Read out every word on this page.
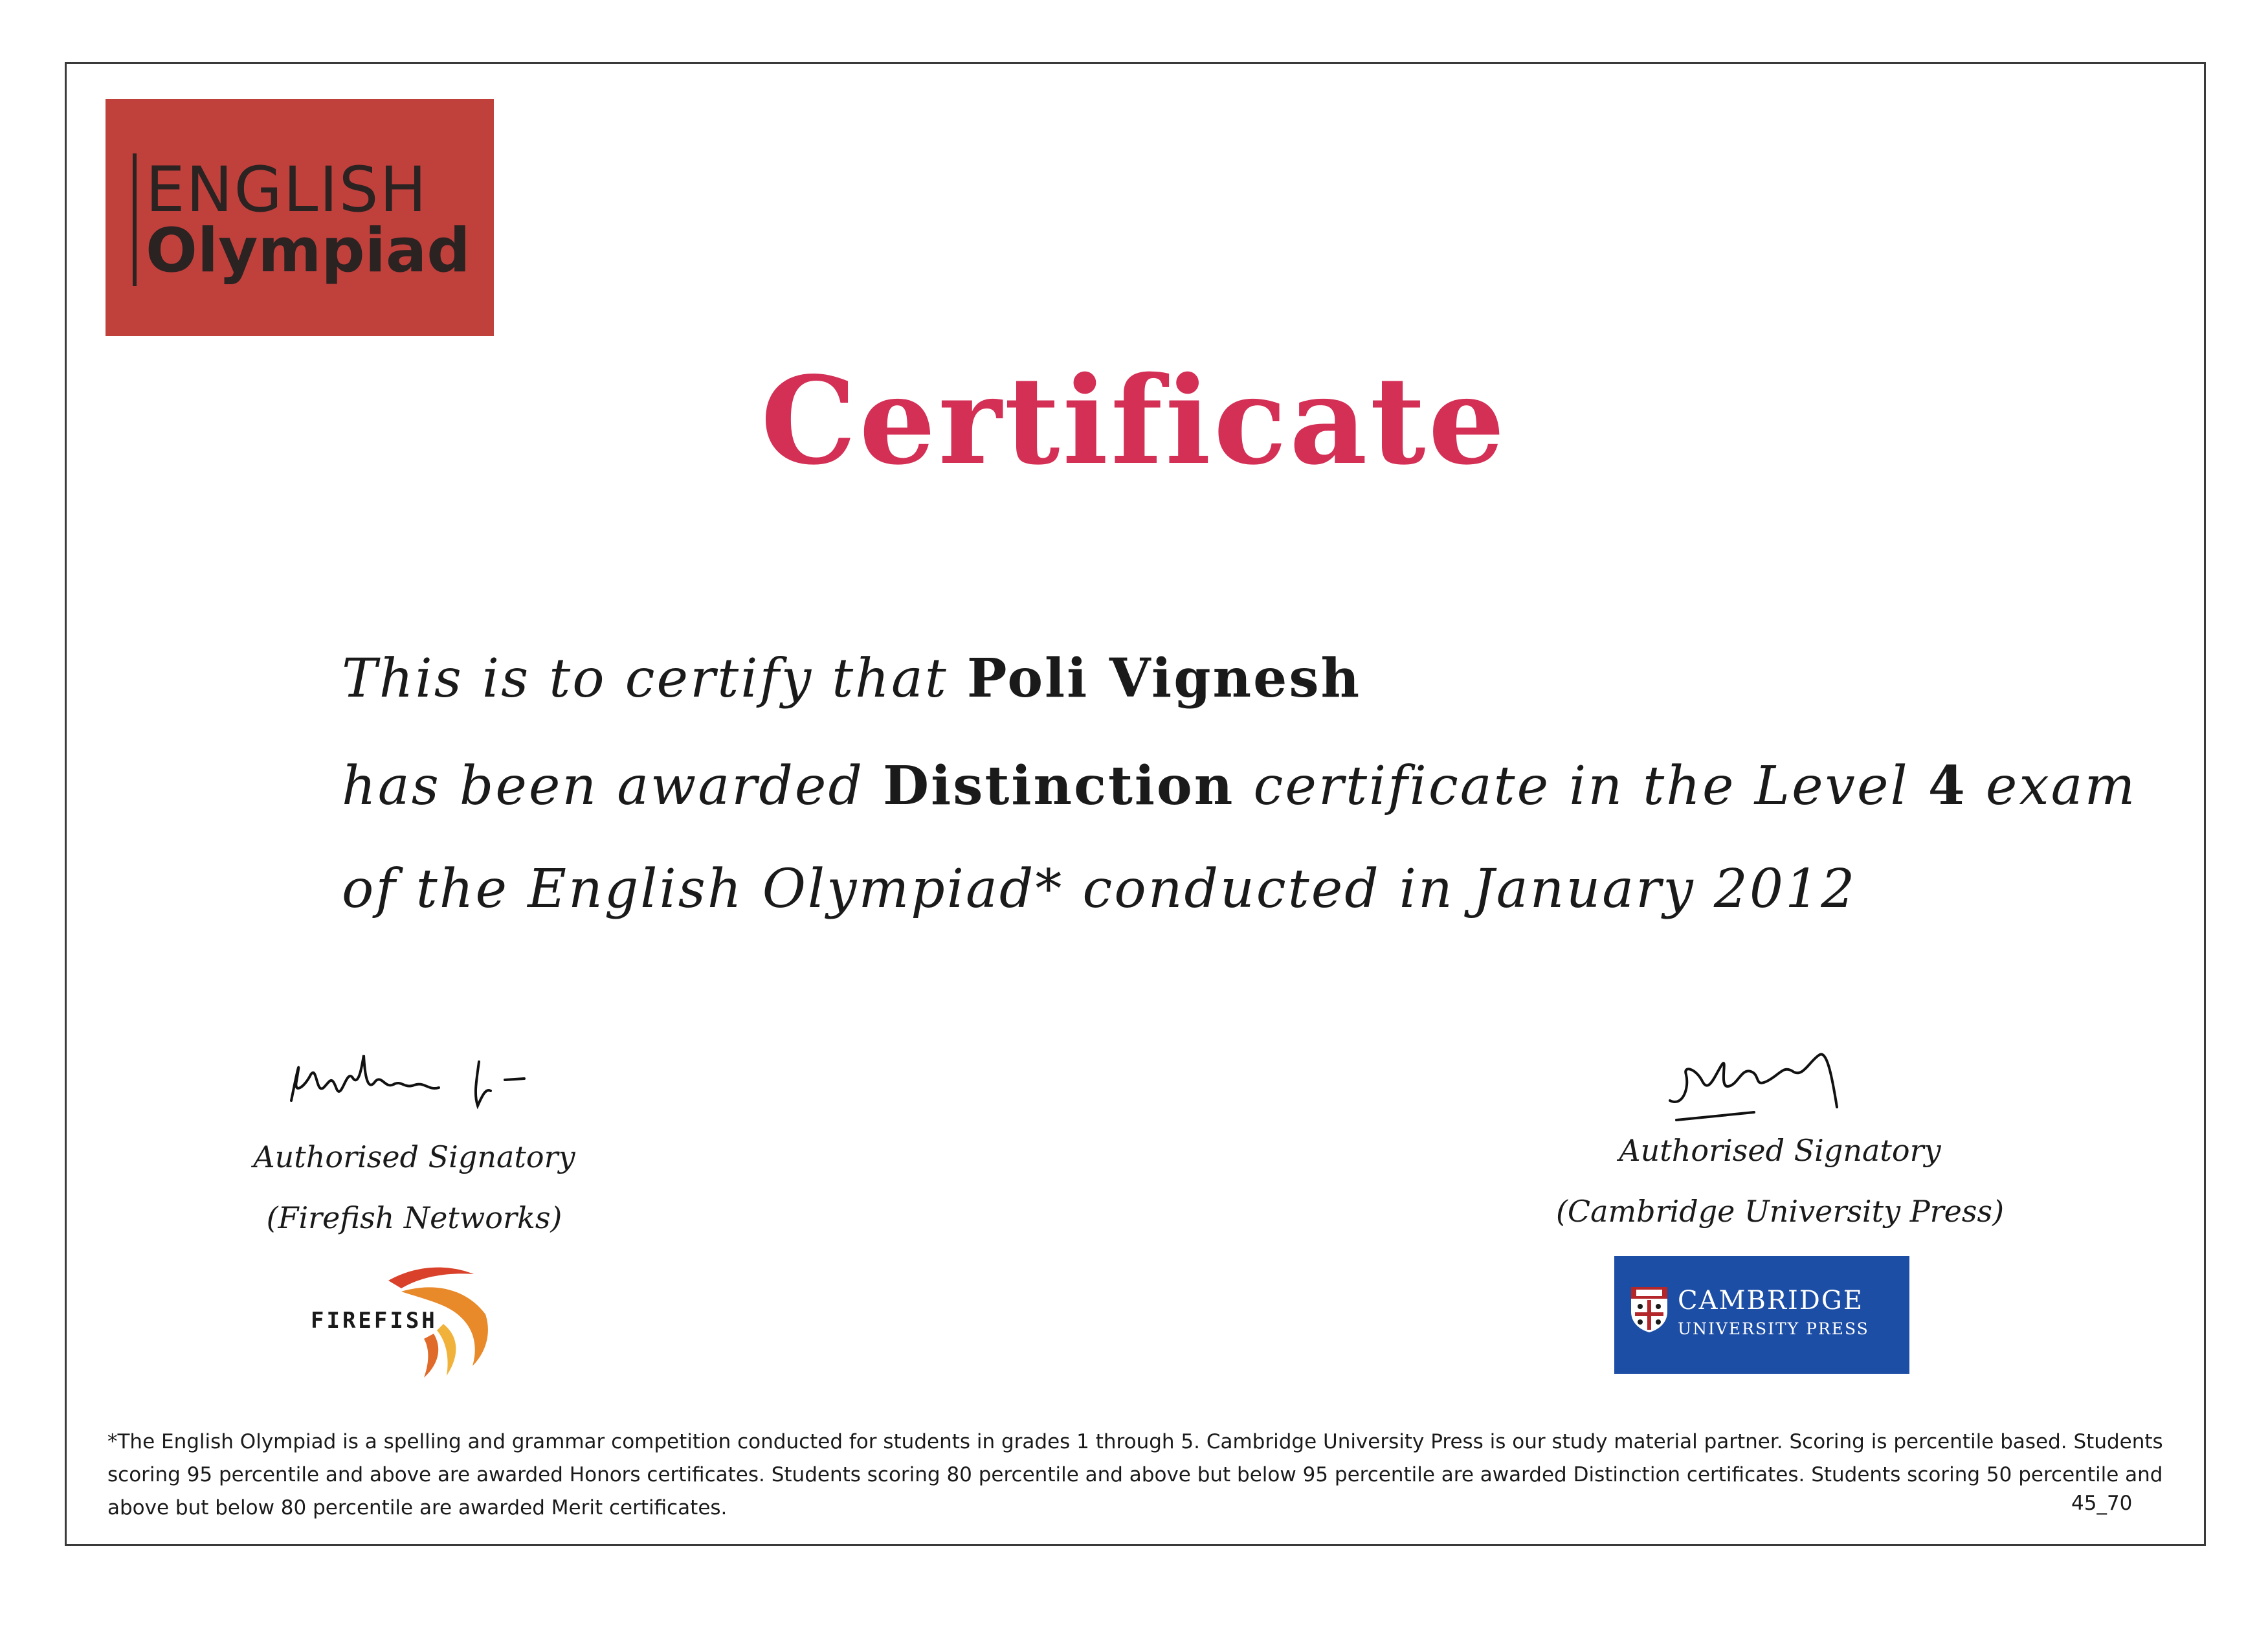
ENGLISH
Olympiad
Certificate
This is to certify that Poli Vignesh
has been awarded Distinction certificate in the Level 4 exam
of the English Olympiad* conducted in January 2012
Authorised Signatory
(Firefish Networks)
Authorised Signatory
(Cambridge University Press)
FIREFISH
CAMBRIDGE
UNIVERSITY PRESS
*The English Olympiad is a spelling and grammar competition conducted for students in grades 1 through 5. Cambridge University Press is our study material partner. Scoring is percentile based. Students scoring 95 percentile and above are awarded Honors certificates. Students scoring 80 percentile and above but below 95 percentile are awarded Distinction certificates. Students scoring 50 percentile and above but below 80 percentile are awarded Merit certificates.	45_70
